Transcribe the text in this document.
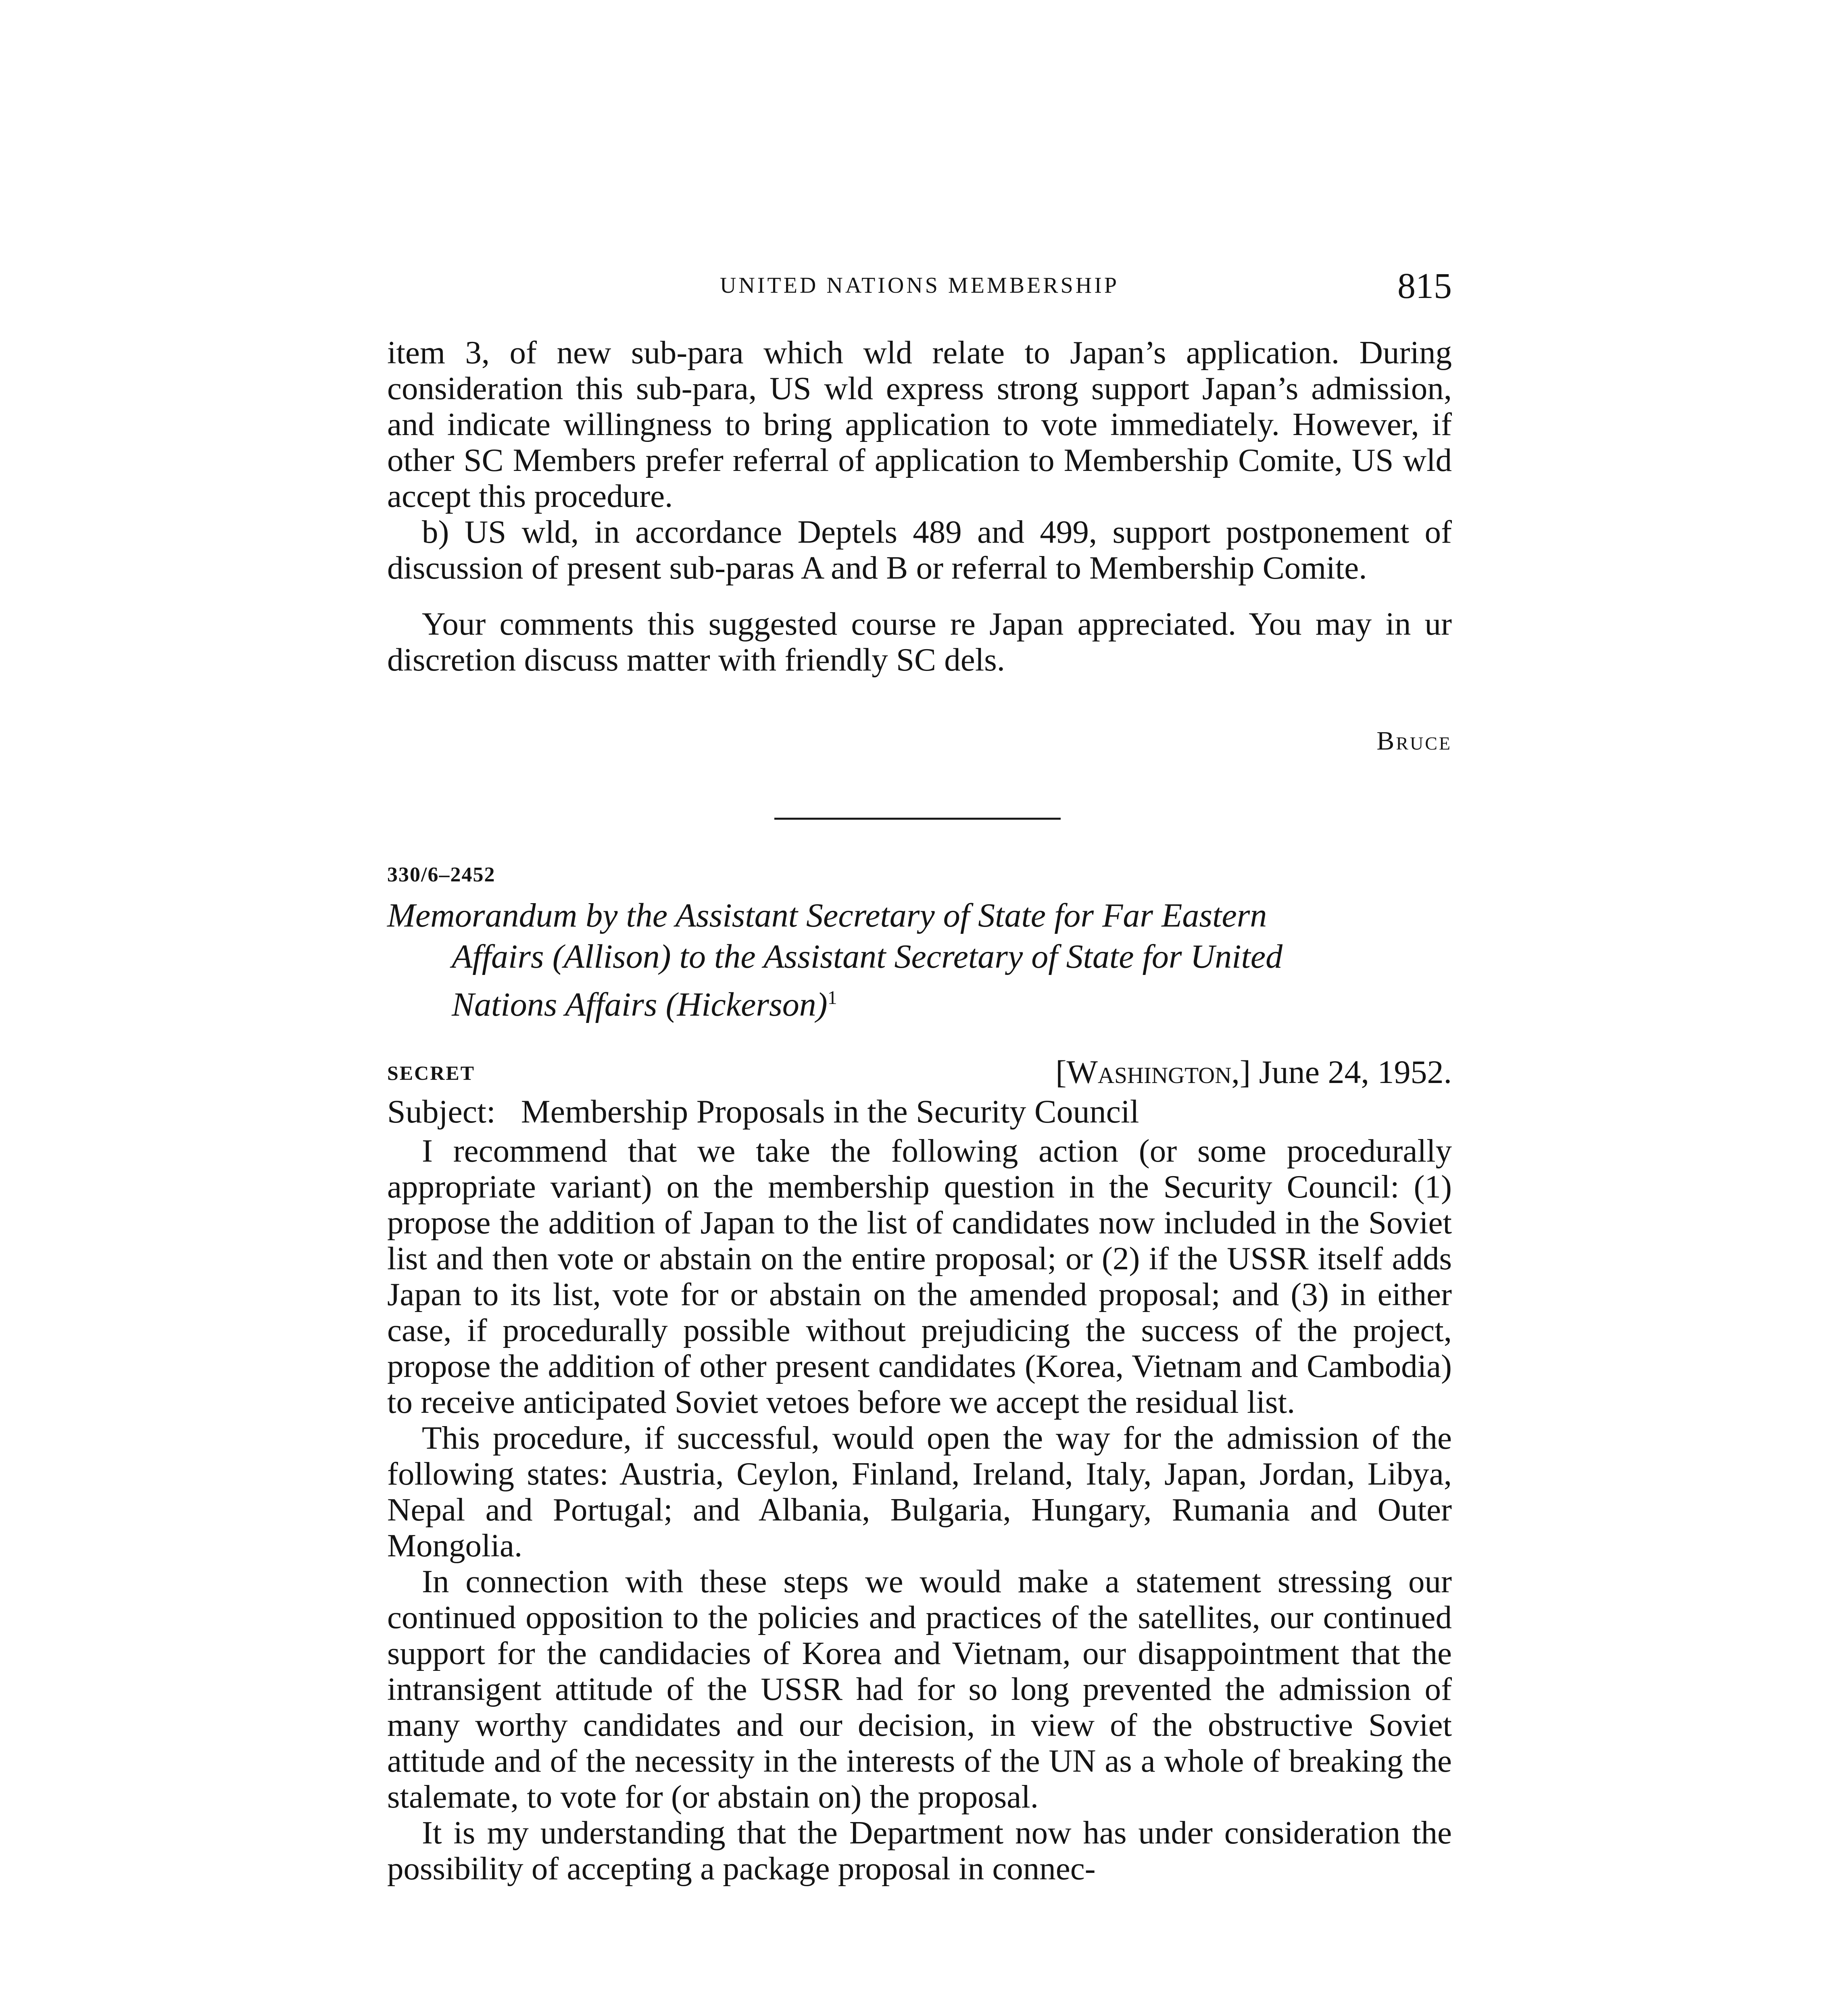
UNITED NATIONS MEMBERSHIP	815

item 3, of new sub-para which wld relate to Japan’s application. During consideration this sub-para, US wld express strong support Japan’s admission, and indicate willingness to bring application to vote immediately. However, if other SC Members prefer referral of application to Membership Comite, US wld accept this procedure.

b) US wld, in accordance Deptels 489 and 499, support postponement of discussion of present sub-paras A and B or referral to Membership Comite.

Your comments this suggested course re Japan appreciated. You may in ur discretion discuss matter with friendly SC dels.

Bruce
330/6–2452
Memorandum by the Assistant Secretary of State for Far Eastern
Affairs (Allison) to the Assistant Secretary of State for United
Nations Affairs (Hickerson)$^1$
SECRET	[Washington,] June 24, 1952.
Subject: Membership Proposals in the Security Council

I recommend that we take the following action (or some procedurally appropriate variant) on the membership question in the Security Council: (1) propose the addition of Japan to the list of candidates now included in the Soviet list and then vote or abstain on the entire proposal; or (2) if the USSR itself adds Japan to its list, vote for or abstain on the amended proposal; and (3) in either case, if procedurally possible without prejudicing the success of the project, propose the addition of other present candidates (Korea, Vietnam and Cambodia) to receive anticipated Soviet vetoes before we accept the residual list.

This procedure, if successful, would open the way for the admission of the following states: Austria, Ceylon, Finland, Ireland, Italy, Japan, Jordan, Libya, Nepal and Portugal; and Albania, Bulgaria, Hungary, Rumania and Outer Mongolia.

In connection with these steps we would make a statement stressing our continued opposition to the policies and practices of the satellites, our continued support for the candidacies of Korea and Vietnam, our disappointment that the intransigent attitude of the USSR had for so long prevented the admission of many worthy candidates and our decision, in view of the obstructive Soviet attitude and of the necessity in the interests of the UN as a whole of breaking the stalemate, to vote for (or abstain on) the proposal.

It is my understanding that the Department now has under consideration the possibility of accepting a package proposal in connec-
